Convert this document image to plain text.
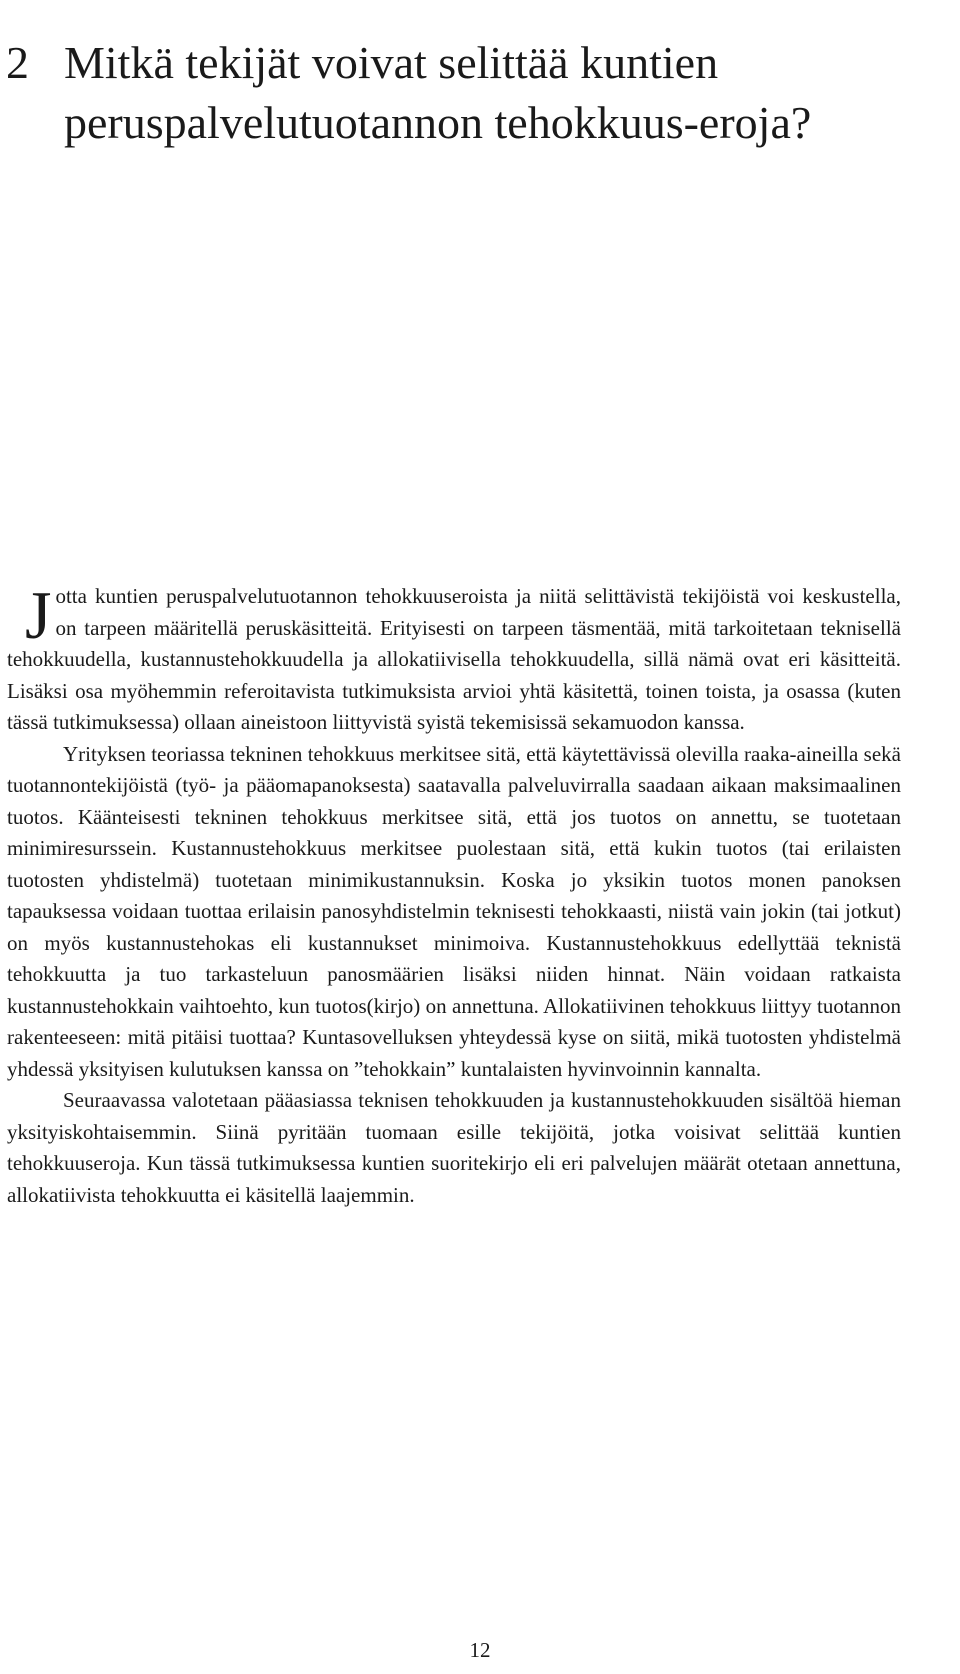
2 Mitkä tekijät voivat selittää kuntien peruspalvelutuotannon tehokkuus-eroja?

Jotta kuntien peruspalvelutuotannon tehokkuuseroista ja niitä selittävistä tekijöistä voi keskustella, on tarpeen määritellä peruskäsitteitä. Erityisesti on tarpeen täsmentää, mitä tarkoitetaan teknisellä tehokkuudella, kustannustehokkuudella ja allokatiivisella tehokkuudella, sillä nämä ovat eri käsitteitä. Lisäksi osa myöhemmin referoitavista tutkimuksista arvioi yhtä käsitettä, toinen toista, ja osassa (kuten tässä tutkimuksessa) ollaan aineistoon liittyvistä syistä tekemisissä sekamuodon kanssa.

Yrityksen teoriassa tekninen tehokkuus merkitsee sitä, että käytettävissä olevilla raaka-aineilla sekä tuotannontekijöistä (työ- ja pääomapanoksesta) saatavalla palveluvirralla saadaan aikaan maksimaalinen tuotos. Käänteisesti tekninen tehokkuus merkitsee sitä, että jos tuotos on annettu, se tuotetaan minimiresurssein. Kustannustehokkuus merkitsee puolestaan sitä, että kukin tuotos (tai erilaisten tuotosten yhdistelmä) tuotetaan minimikustannuksin. Koska jo yksikin tuotos monen panoksen tapauksessa voidaan tuottaa erilaisin panosyhdistelmin teknisesti tehokkaasti, niistä vain jokin (tai jotkut) on myös kustannustehokas eli kustannukset minimoiva. Kustannustehokkuus edellyttää teknistä tehokkuutta ja tuo tarkasteluun panosmäärien lisäksi niiden hinnat. Näin voidaan ratkaista kustannustehokkain vaihtoehto, kun tuotos(kirjo) on annettuna. Allokatiivinen tehokkuus liittyy tuotannon rakenteeseen: mitä pitäisi tuottaa? Kuntasovelluksen yhteydessä kyse on siitä, mikä tuotosten yhdistelmä yhdessä yksityisen kulutuksen kanssa on ”tehokkain” kuntalaisten hyvinvoinnin kannalta.

Seuraavassa valotetaan pääasiassa teknisen tehokkuuden ja kustannustehokkuuden sisältöä hieman yksityiskohtaisemmin. Siinä pyritään tuomaan esille tekijöitä, jotka voisivat selittää kuntien tehokkuuseroja. Kun tässä tutkimuksessa kuntien suoritekirjo eli eri palvelujen määrät otetaan annettuna, allokatiivista tehokkuutta ei käsitellä laajemmin.

12
